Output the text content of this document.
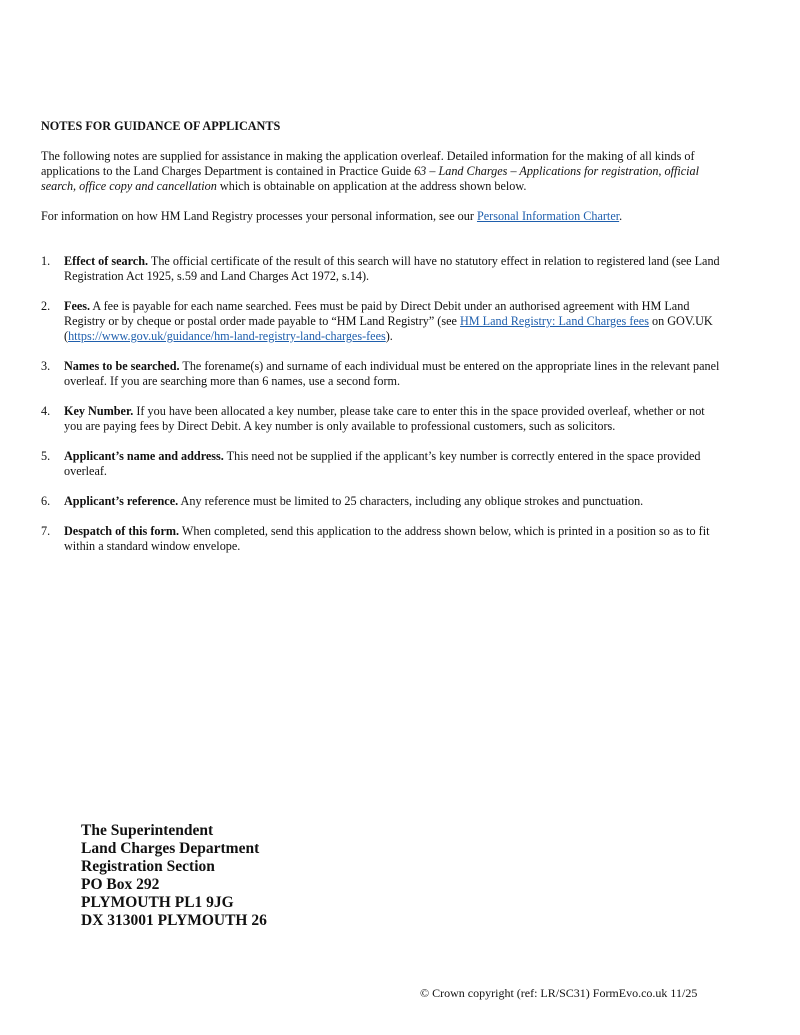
NOTES FOR GUIDANCE OF APPLICANTS

The following notes are supplied for assistance in making the application overleaf. Detailed information for the making of all kinds of applications to the Land Charges Department is contained in Practice Guide 63 – Land Charges – Applications for registration, official search, office copy and cancellation which is obtainable on application at the address shown below.

For information on how HM Land Registry processes your personal information, see our Personal Information Charter.

1. Effect of search. The official certificate of the result of this search will have no statutory effect in relation to registered land (see Land Registration Act 1925, s.59 and Land Charges Act 1972, s.14).
2. Fees. A fee is payable for each name searched. Fees must be paid by Direct Debit under an authorised agreement with HM Land Registry or by cheque or postal order made payable to “HM Land Registry” (see HM Land Registry: Land Charges fees on GOV.UK (https://www.gov.uk/guidance/hm-land-registry-land-charges-fees).
3. Names to be searched. The forename(s) and surname of each individual must be entered on the appropriate lines in the relevant panel overleaf. If you are searching more than 6 names, use a second form.
4. Key Number. If you have been allocated a key number, please take care to enter this in the space provided overleaf, whether or not you are paying fees by Direct Debit. A key number is only available to professional customers, such as solicitors.
5. Applicant’s name and address. This need not be supplied if the applicant’s key number is correctly entered in the space provided overleaf.
6. Applicant’s reference. Any reference must be limited to 25 characters, including any oblique strokes and punctuation.
7. Despatch of this form. When completed, send this application to the address shown below, which is printed in a position so as to fit within a standard window envelope.
The Superintendent
Land Charges Department
Registration Section
PO Box 292
PLYMOUTH PL1 9JG
DX 313001 PLYMOUTH 26
© Crown copyright (ref: LR/SC31) FormEvo.co.uk 11/25
